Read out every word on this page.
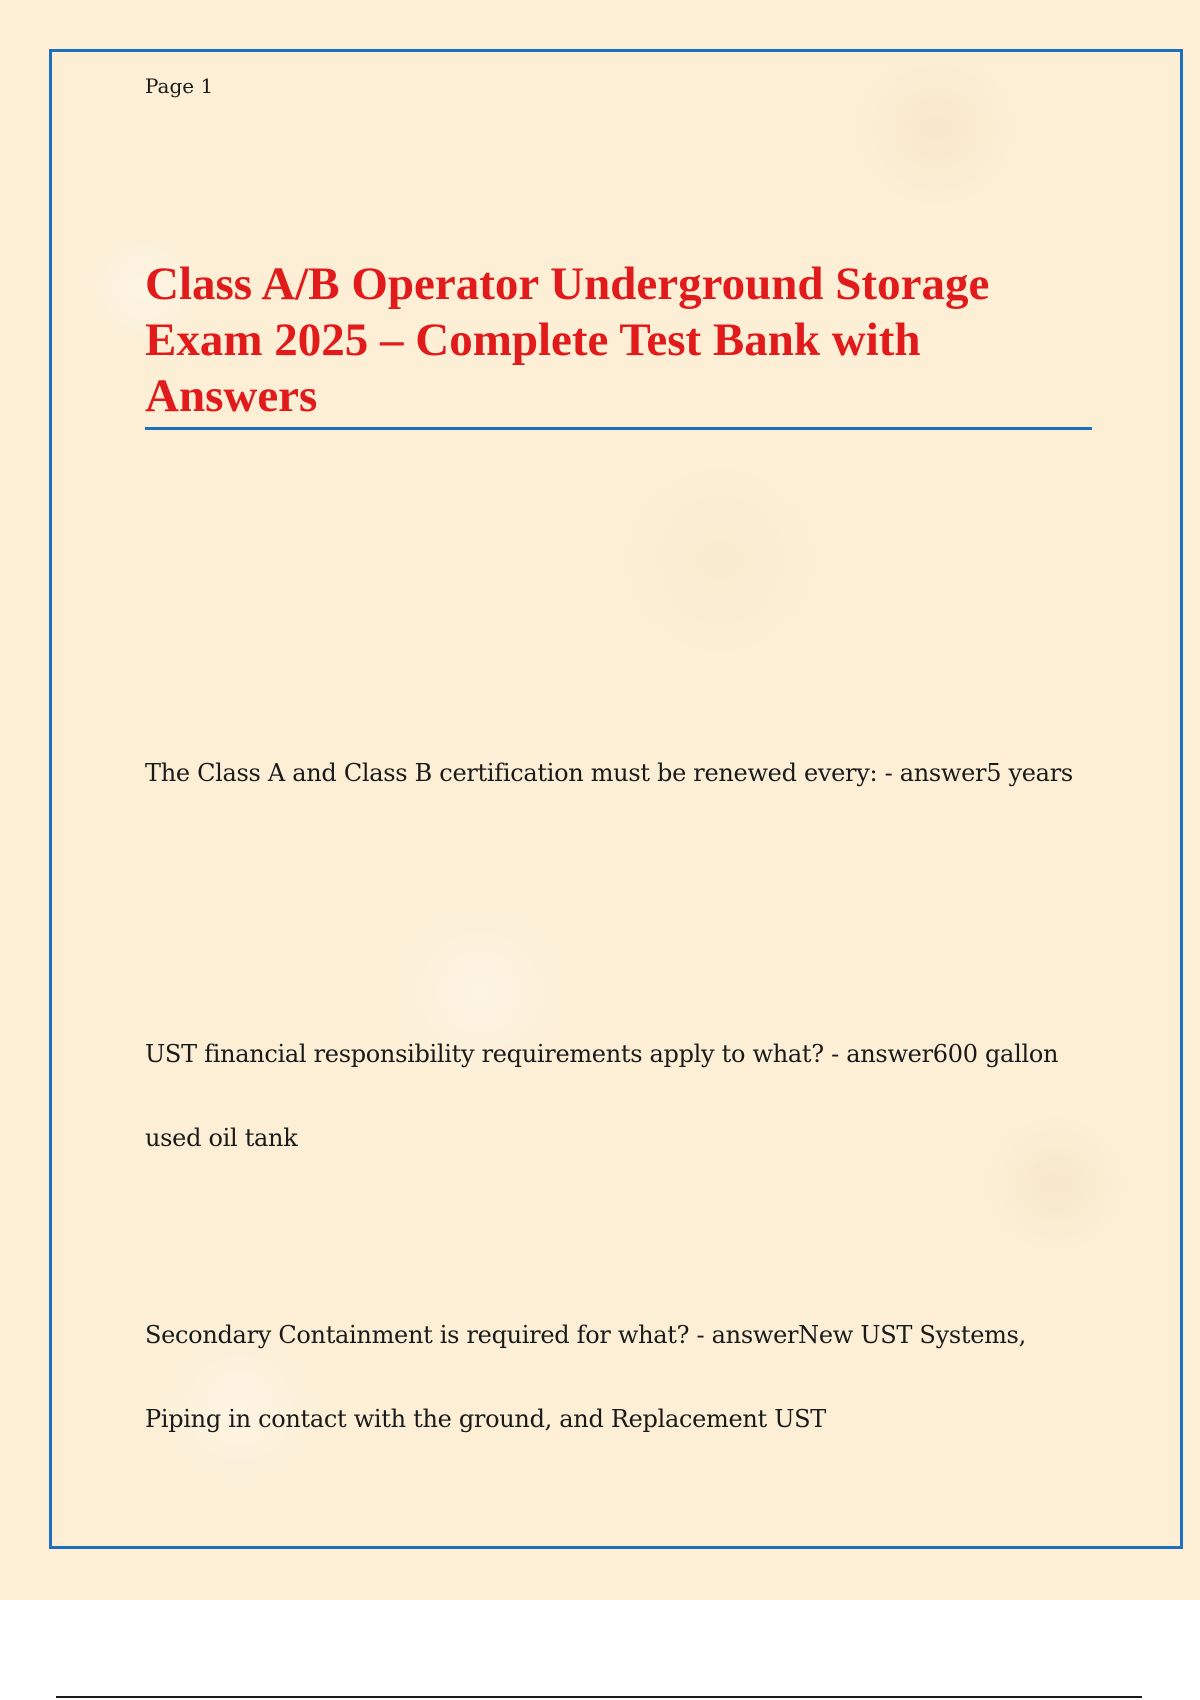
Page 1
Class A/B Operator Underground Storage Exam 2025 – Complete Test Bank with Answers

The Class A and Class B certification must be renewed every: - answer5 years

UST financial responsibility requirements apply to what? - answer600 gallon used oil tank

Secondary Containment is required for what? - answerNew UST Systems, Piping in contact with the ground, and Replacement UST
